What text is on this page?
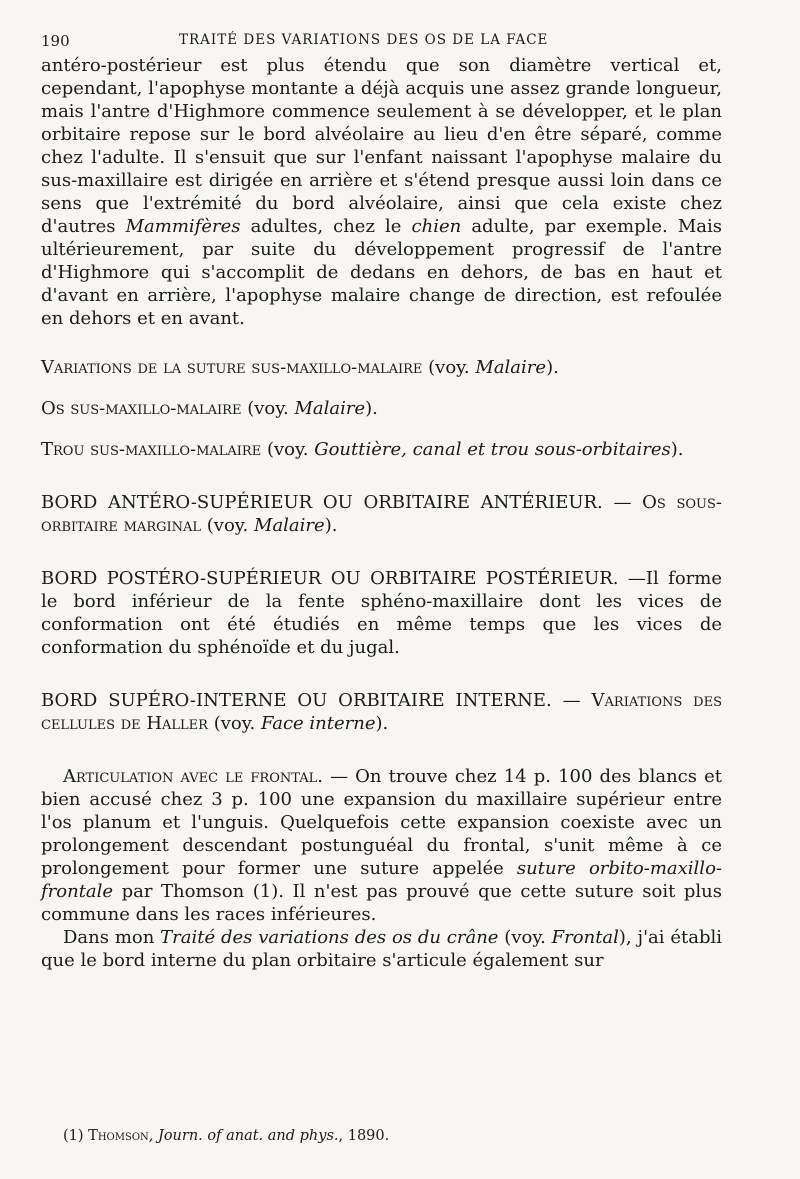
190	TRAITÉ DES VARIATIONS DES OS DE LA FACE

antéro-postérieur est plus étendu que son diamètre vertical et, cependant, l'apophyse montante a déjà acquis une assez grande longueur, mais l'antre d'Highmore commence seulement à se développer, et le plan orbitaire repose sur le bord alvéolaire au lieu d'en être séparé, comme chez l'adulte. Il s'ensuit que sur l'enfant naissant l'apophyse malaire du sus-maxillaire est dirigée en arrière et s'étend presque aussi loin dans ce sens que l'extrémité du bord alvéolaire, ainsi que cela existe chez d'autres Mammifères adultes, chez le chien adulte, par exemple. Mais ultérieurement, par suite du développement progressif de l'antre d'Highmore qui s'accomplit de dedans en dehors, de bas en haut et d'avant en arrière, l'apophyse malaire change de direction, est refoulée en dehors et en avant.

Variations de la suture sus-maxillo-malaire (voy. Malaire).

Os sus-maxillo-malaire (voy. Malaire).

Trou sus-maxillo-malaire (voy. Gouttière, canal et trou sous-orbitaires).

BORD ANTÉRO-SUPÉRIEUR OU ORBITAIRE ANTÉRIEUR. — Os sous-orbitaire marginal (voy. Malaire).

BORD POSTÉRO-SUPÉRIEUR OU ORBITAIRE POSTÉRIEUR. —Il forme le bord inférieur de la fente sphéno-maxillaire dont les vices de conformation ont été étudiés en même temps que les vices de conformation du sphénoïde et du jugal.

BORD SUPÉRO-INTERNE OU ORBITAIRE INTERNE. — Variations des cellules de Haller (voy. Face interne).

Articulation avec le frontal. — On trouve chez 14 p. 100 des blancs et bien accusé chez 3 p. 100 une expansion du maxillaire supérieur entre l'os planum et l'unguis. Quelquefois cette expansion coexiste avec un prolongement descendant postunguéal du frontal, s'unit même à ce prolongement pour former une suture appelée suture orbito-maxillo-frontale par Thomson (1). Il n'est pas prouvé que cette suture soit plus commune dans les races inférieures.

Dans mon Traité des variations des os du crâne (voy. Frontal), j'ai établi que le bord interne du plan orbitaire s'articule également sur

(1) Thomson, Journ. of anat. and phys., 1890.
